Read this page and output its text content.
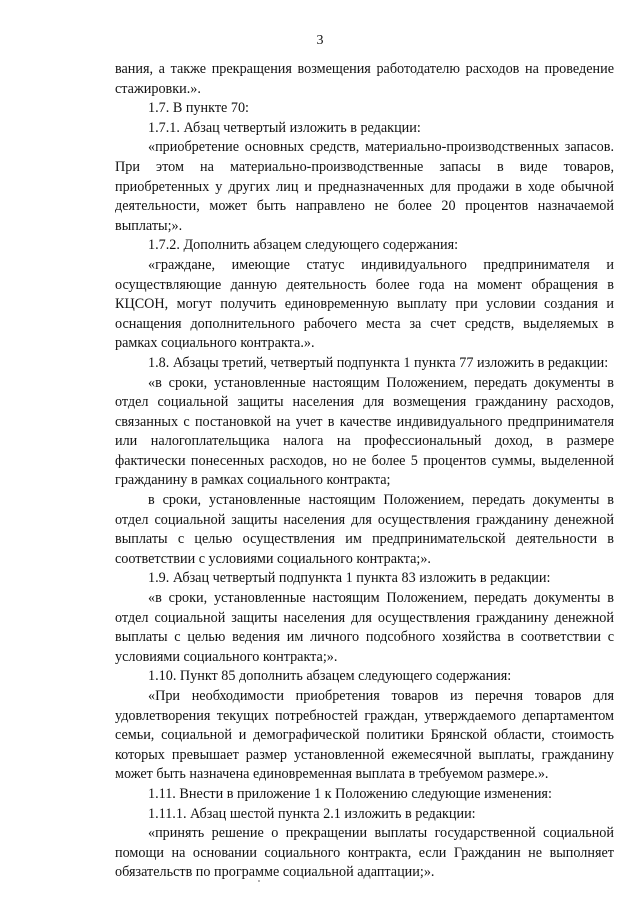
3

вания, а также прекращения возмещения работодателю расходов на проведение стажировки.».

1.7. В пункте 70:

1.7.1. Абзац четвертый изложить в редакции:

«приобретение основных средств, материально-производственных запасов. При этом на материально-производственные запасы в виде товаров, приобретенных у других лиц и предназначенных для продажи в ходе обычной деятельности, может быть направлено не более 20 процентов назначаемой выплаты;».

1.7.2. Дополнить абзацем следующего содержания:

«граждане, имеющие статус индивидуального предпринимателя и осуществляющие данную деятельность более года на момент обращения в КЦСОН, могут получить единовременную выплату при условии создания и оснащения дополнительного рабочего места за счет средств, выделяемых в рамках социального контракта.».

1.8. Абзацы третий, четвертый подпункта 1 пункта 77 изложить в редакции:

«в сроки, установленные настоящим Положением, передать документы в отдел социальной защиты населения для возмещения гражданину расходов, связанных с постановкой на учет в качестве индивидуального предпринимателя или налогоплательщика налога на профессиональный доход, в размере фактически понесенных расходов, но не более 5 процентов суммы, выделенной гражданину в рамках социального контракта;

в сроки, установленные настоящим Положением, передать документы в отдел социальной защиты населения для осуществления гражданину денежной выплаты с целью осуществления им предпринимательской деятельности в соответствии с условиями социального контракта;».

1.9. Абзац четвертый подпункта 1 пункта 83 изложить в редакции:

«в сроки, установленные настоящим Положением, передать документы в отдел социальной защиты населения для осуществления гражданину денежной выплаты с целью ведения им личного подсобного хозяйства в соответствии с условиями социального контракта;».

1.10. Пункт 85 дополнить абзацем следующего содержания:

«При необходимости приобретения товаров из перечня товаров для удовлетворения текущих потребностей граждан, утверждаемого департаментом семьи, социальной и демографической политики Брянской области, стоимость которых превышает размер установленной ежемесячной выплаты, гражданину может быть назначена единовременная выплата в требуемом размере.».

1.11. Внести в приложение 1 к Положению следующие изменения:

1.11.1. Абзац шестой пункта 2.1 изложить в редакции:

«принять решение о прекращении выплаты государственной социальной помощи на основании социального контракта, если Гражданин не выполняет обязательств по программе социальной адаптации;».
